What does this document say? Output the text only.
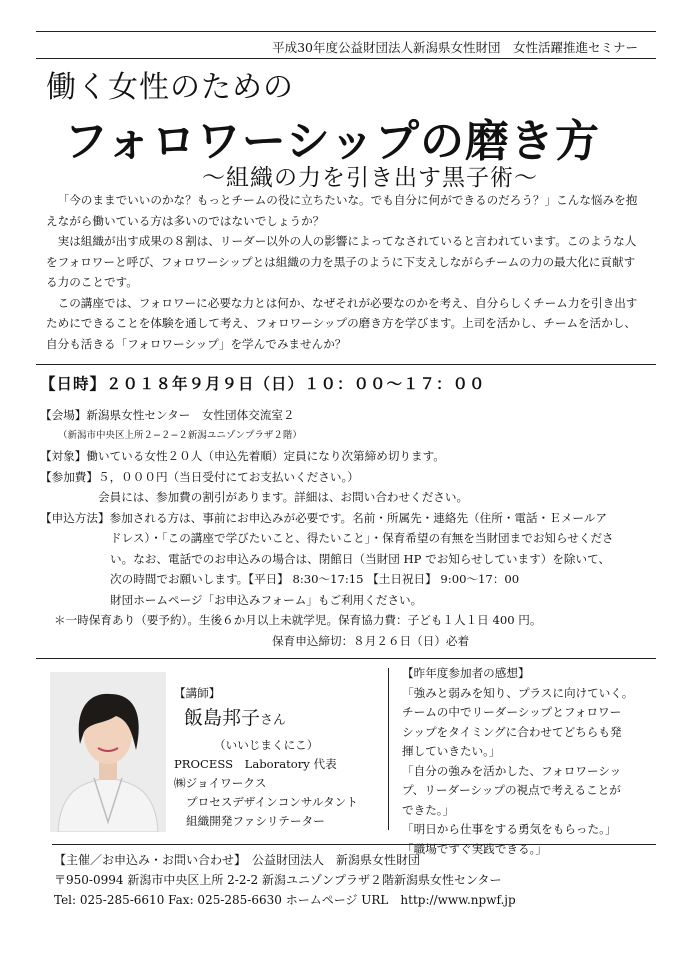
平成30年度公益財団法人新潟県女性財団　女性活躍推進セミナー
働く女性のための
フォロワーシップの磨き方
～組織の力を引き出す黒子術～

「今のままでいいのかな？もっとチームの役に立ちたいな。でも自分に何ができるのだろう？」こんな悩みを抱えながら働いている方は多いのではないでしょうか？

実は組織が出す成果の８割は、リーダー以外の人の影響によってなされていると言われています。このような人をフォロワーと呼び、フォロワーシップとは組織の力を黒子のように下支えしながらチームの力の最大化に貢献する力のことです。

この講座では、フォロワーに必要な力とは何か、なぜそれが必要なのかを考え、自分らしくチーム力を引き出すためにできることを体験を通して考え、フォロワーシップの磨き方を学びます。上司を活かし、チームを活かし、自分も活きる「フォロワーシップ」を学んでみませんか？

【日時】２０１８年９月９日（日）１０：００～１７：００
【会場】新潟県女性センター　女性団体交流室２
（新潟市中央区上所２−２−２新潟ユニゾンプラザ２階）
【対象】働いている女性２０人（申込先着順）定員になり次第締め切ります。
【参加費】５，０００円（当日受付にてお支払いください。）
会員には、参加費の割引があります。詳細は、お問い合わせください。
【申込方法】参加される方は、事前にお申込みが必要です。名前・所属先・連絡先（住所・電話・Ｅメールア
ドレス）・「この講座で学びたいこと、得たいこと」・保育希望の有無を当財団までお知らせくださ
い。なお、電話でのお申込みの場合は、閉館日（当財団 HP でお知らせしています）を除いて、
次の時間でお願いします。【平日】 8:30～17:15 【土日祝日】 9:00～17：00
財団ホームページ「お申込みフォーム」もご利用ください。
＊一時保育あり（要予約）。生後６か月以上未就学児。保育協力費：子ども１人１日 400 円。
保育申込締切：８月２６日（日）必着
【講師】
飯島邦子さん
（いいじまくにこ）
PROCESS　Laboratory 代表
㈱ジョイワークス
プロセスデザインコンサルタント
組織開発ファシリテーター
【昨年度参加者の感想】
「強みと弱みを知り、プラスに向けていく。
チームの中でリーダーシップとフォロワー
シップをタイミングに合わせてどちらも発
揮していきたい。」
「自分の強みを活かした、フォロワーシッ
プ、リーダーシップの視点で考えることが
できた。」
「明日から仕事をする勇気をもらった。」
「職場ですぐ実践できる。」
【主催／お申込み・お問い合わせ】　公益財団法人　新潟県女性財団
〒950-0994 新潟市中央区上所 2-2-2 新潟ユニゾンプラザ２階新潟県女性センター
Tel: 025-285-6610 Fax: 025-285-6630 ホームページ URL　http://www.npwf.jp
